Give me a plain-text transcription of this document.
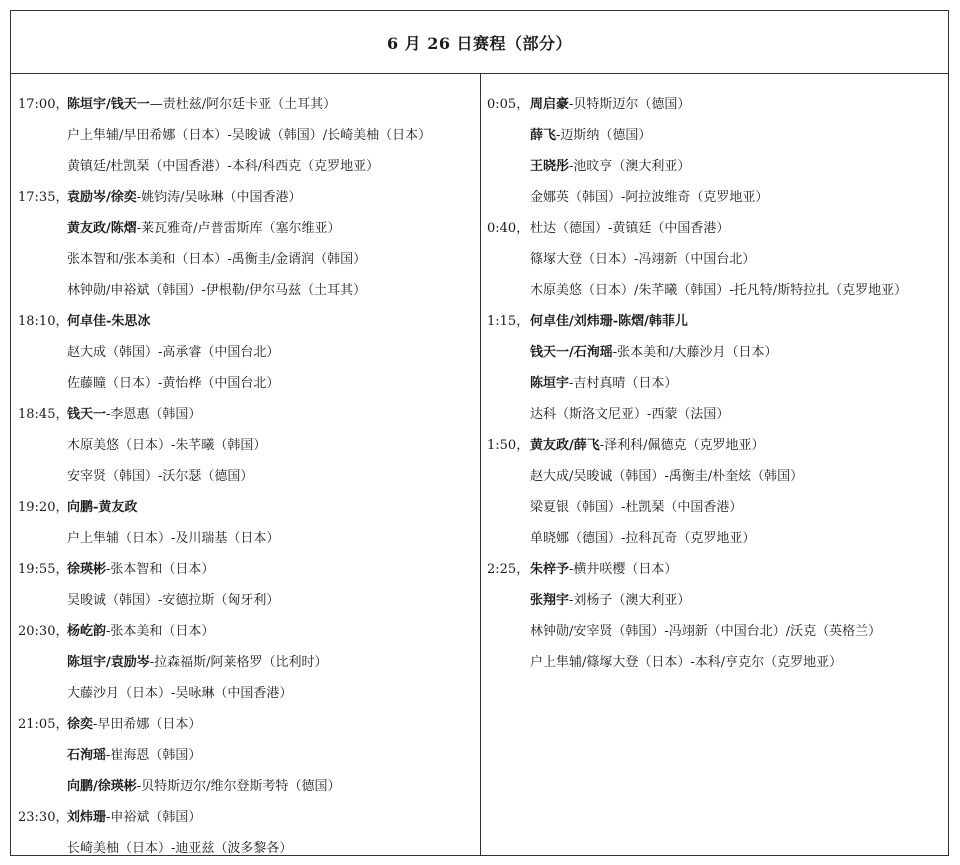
6 月 26 日赛程（部分）
17:00，
陈垣宇/钱天一—责杜兹/阿尔廷卡亚（土耳其）
户上隼辅/早田希娜（日本）-吴晙诚（韩国）/长崎美柚（日本）
黄镇廷/杜凯琹（中国香港）-本科/科西克（克罗地亚）
17:35，
袁励岑/徐奕-姚钧涛/吴咏琳（中国香港）
黄友政/陈熠-莱瓦雅奇/卢普雷斯库（塞尔维亚）
张本智和/张本美和（日本）-禹衡圭/金谞润（韩国）
林钟勋/申裕斌（韩国）-伊根勒/伊尔马兹（土耳其）
18:10，
何卓佳-朱思冰
赵大成（韩国）-高承睿（中国台北）
佐藤瞳（日本）-黄怡桦（中国台北）
18:45，
钱天一-李恩惠（韩国）
木原美悠（日本）-朱芊曦（韩国）
安宰贤（韩国）-沃尔瑟（德国）
19:20，
向鹏-黄友政
户上隼辅（日本）-及川瑞基（日本）
19:55，
徐瑛彬-张本智和（日本）
吴晙诚（韩国）-安德拉斯（匈牙利）
20:30，
杨屹韵-张本美和（日本）
陈垣宇/袁励岑-拉森福斯/阿莱格罗（比利时）
大藤沙月（日本）-吴咏琳（中国香港）
21:05，
徐奕-早田希娜（日本）
石洵瑶-崔海恩（韩国）
向鹏/徐瑛彬-贝特斯迈尔/维尔登斯考特（德国）
23:30，
刘炜珊-申裕斌（韩国）
长崎美柚（日本）-迪亚兹（波多黎各）
0:05， 周启豪-贝特斯迈尔（德国）
薛飞-迈斯纳（德国）
王晓彤-池旼亨（澳大利亚）
金娜英（韩国）-阿拉波维奇（克罗地亚）
0:40， 杜达（德国）-黄镇廷（中国香港）
篠塚大登（日本）-冯翊新（中国台北）
木原美悠（日本）/朱芊曦（韩国）-托凡特/斯特拉扎（克罗地亚）
1:15， 何卓佳/刘炜珊-陈熠/韩菲儿
钱天一/石洵瑶-张本美和/大藤沙月（日本）
陈垣宇-吉村真晴（日本）
达科（斯洛文尼亚）-西蒙（法国）
1:50， 黄友政/薛飞-泽利科/佩德克（克罗地亚）
赵大成/吴晙诚（韩国）-禹衡圭/朴奎炫（韩国）
梁夏银（韩国）-杜凯琹（中国香港）
单晓娜（德国）-拉科瓦奇（克罗地亚）
2:25， 朱梓予-横井咲樱（日本）
张翔宇-刘杨子（澳大利亚）
林钟勋/安宰贤（韩国）-冯翊新（中国台北）/沃克（英格兰）
户上隼辅/篠塚大登（日本）-本科/亨克尔（克罗地亚）
